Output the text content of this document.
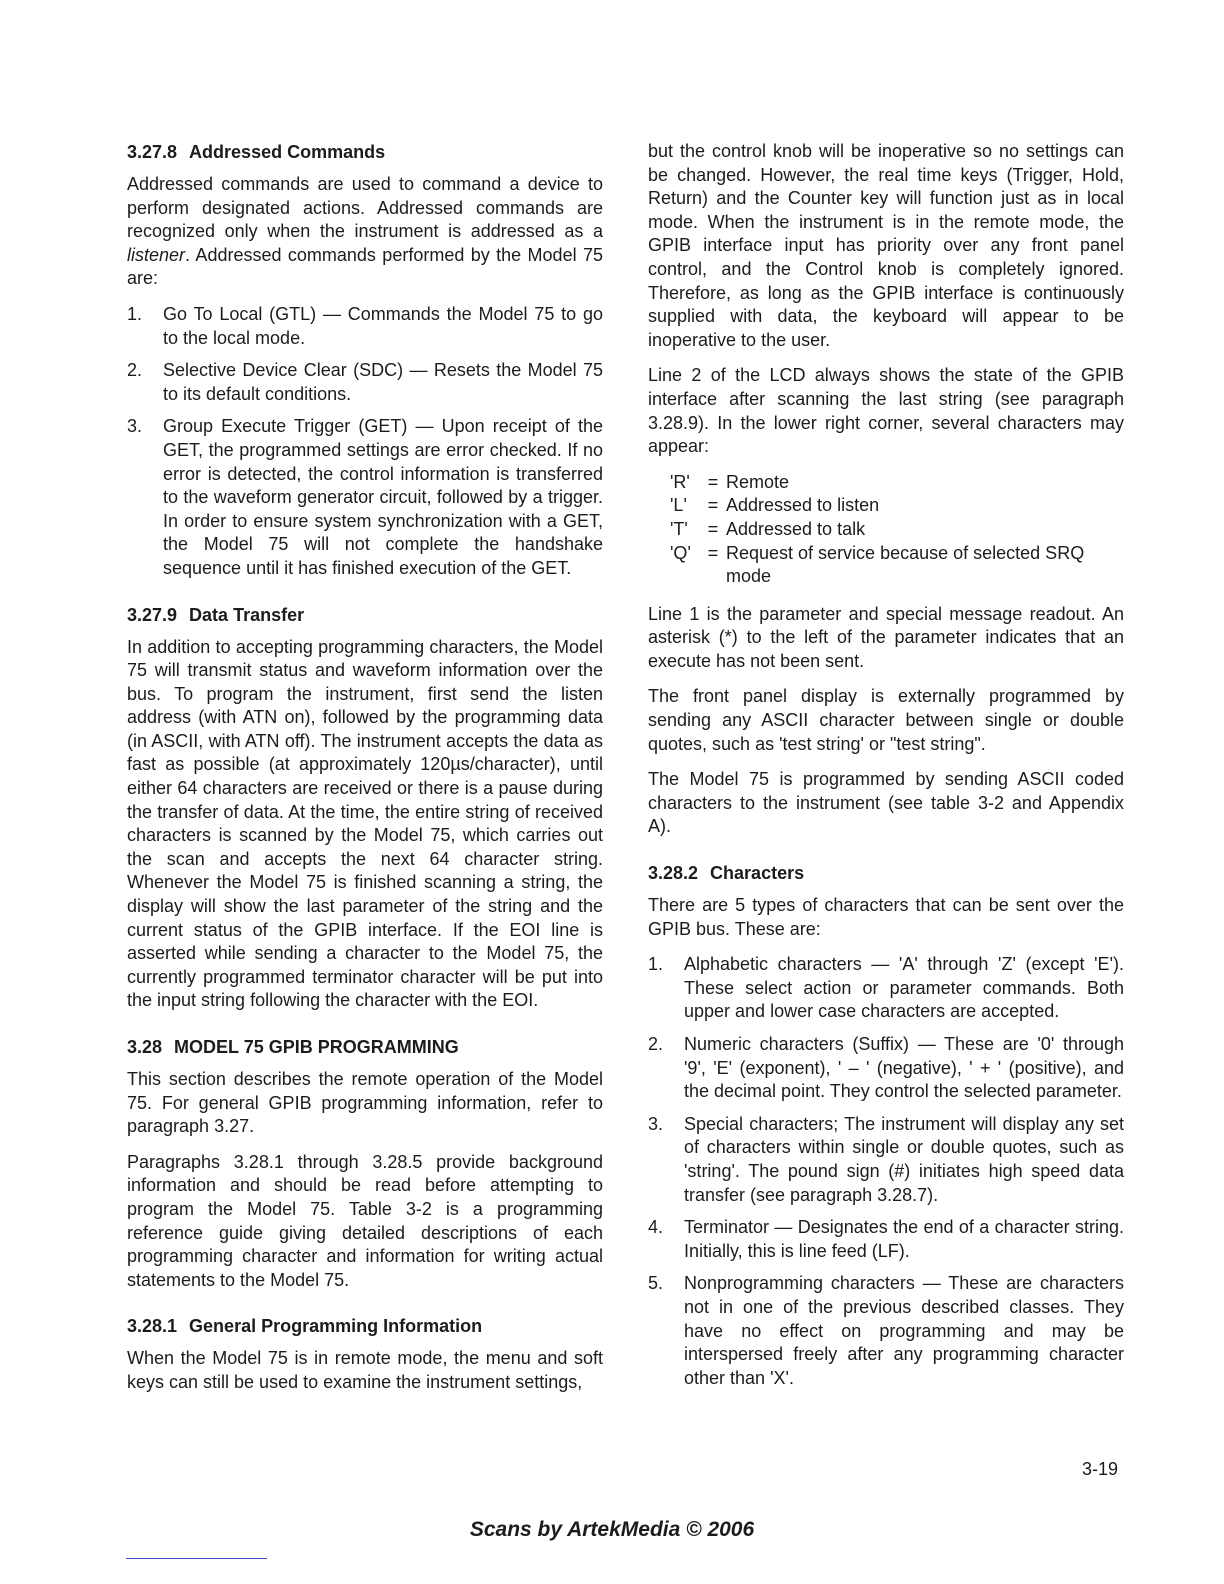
3.27.8 Addressed Commands

Addressed commands are used to command a device to perform designated actions. Addressed commands are recognized only when the instrument is addressed as a listener. Addressed commands performed by the Model 75 are:

1. Go To Local (GTL) — Commands the Model 75 to go to the local mode.
2. Selective Device Clear (SDC) — Resets the Model 75 to its default conditions.
3. Group Execute Trigger (GET) — Upon receipt of the GET, the programmed settings are error checked. If no error is detected, the control information is transferred to the waveform generator circuit, followed by a trigger. In order to ensure system synchronization with a GET, the Model 75 will not complete the handshake sequence until it has finished execution of the GET.
3.27.9 Data Transfer

In addition to accepting programming characters, the Model 75 will transmit status and waveform information over the bus. To program the instrument, first send the listen address (with ATN on), followed by the programming data (in ASCII, with ATN off). The instrument accepts the data as fast as possible (at approximately 120µs/character), until either 64 characters are received or there is a pause during the transfer of data. At the time, the entire string of received characters is scanned by the Model 75, which carries out the scan and accepts the next 64 character string. Whenever the Model 75 is finished scanning a string, the display will show the last parameter of the string and the current status of the GPIB interface. If the EOI line is asserted while sending a character to the Model 75, the currently programmed terminator character will be put into the input string following the character with the EOI.

3.28 MODEL 75 GPIB PROGRAMMING

This section describes the remote operation of the Model 75. For general GPIB programming information, refer to paragraph 3.27.

Paragraphs 3.28.1 through 3.28.5 provide background information and should be read before attempting to program the Model 75. Table 3-2 is a programming reference guide giving detailed descriptions of each programming character and information for writing actual statements to the Model 75.

3.28.1 General Programming Information

When the Model 75 is in remote mode, the menu and soft keys can still be used to examine the instrument settings,

but the control knob will be inoperative so no settings can be changed. However, the real time keys (Trigger, Hold, Return) and the Counter key will function just as in local mode. When the instrument is in the remote mode, the GPIB interface input has priority over any front panel control, and the Control knob is completely ignored. Therefore, as long as the GPIB interface is continuously supplied with data, the keyboard will appear to be inoperative to the user.

Line 2 of the LCD always shows the state of the GPIB interface after scanning the last string (see paragraph 3.28.9). In the lower right corner, several characters may appear:

'R' = Remote
'L'	= Addressed to listen
'T'	= Addressed to talk
'Q' = Request of service because of selected SRQ mode

Line 1 is the parameter and special message readout. An asterisk (*) to the left of the parameter indicates that an execute has not been sent.

The front panel display is externally programmed by sending any ASCII character between single or double quotes, such as 'test string' or "test string".

The Model 75 is programmed by sending ASCII coded characters to the instrument (see table 3-2 and Appendix A).

3.28.2 Characters

There are 5 types of characters that can be sent over the GPIB bus. These are:

1. Alphabetic characters — 'A' through 'Z' (except 'E'). These select action or parameter commands. Both upper and lower case characters are accepted.
2. Numeric characters (Suffix) — These are '0' through '9', 'E' (exponent), ' – ' (negative), ' + ' (positive), and the decimal point. They control the selected parameter.
3. Special characters; The instrument will display any set of characters within single or double quotes, such as 'string'. The pound sign (#) initiates high speed data transfer (see paragraph 3.28.7).
4. Terminator — Designates the end of a character string. Initially, this is line feed (LF).
5. Nonprogramming characters — These are characters not in one of the previous described classes. They have no effect on programming and may be interspersed freely after any programming character other than 'X'.
3-19
Scans by ArtekMedia © 2006
